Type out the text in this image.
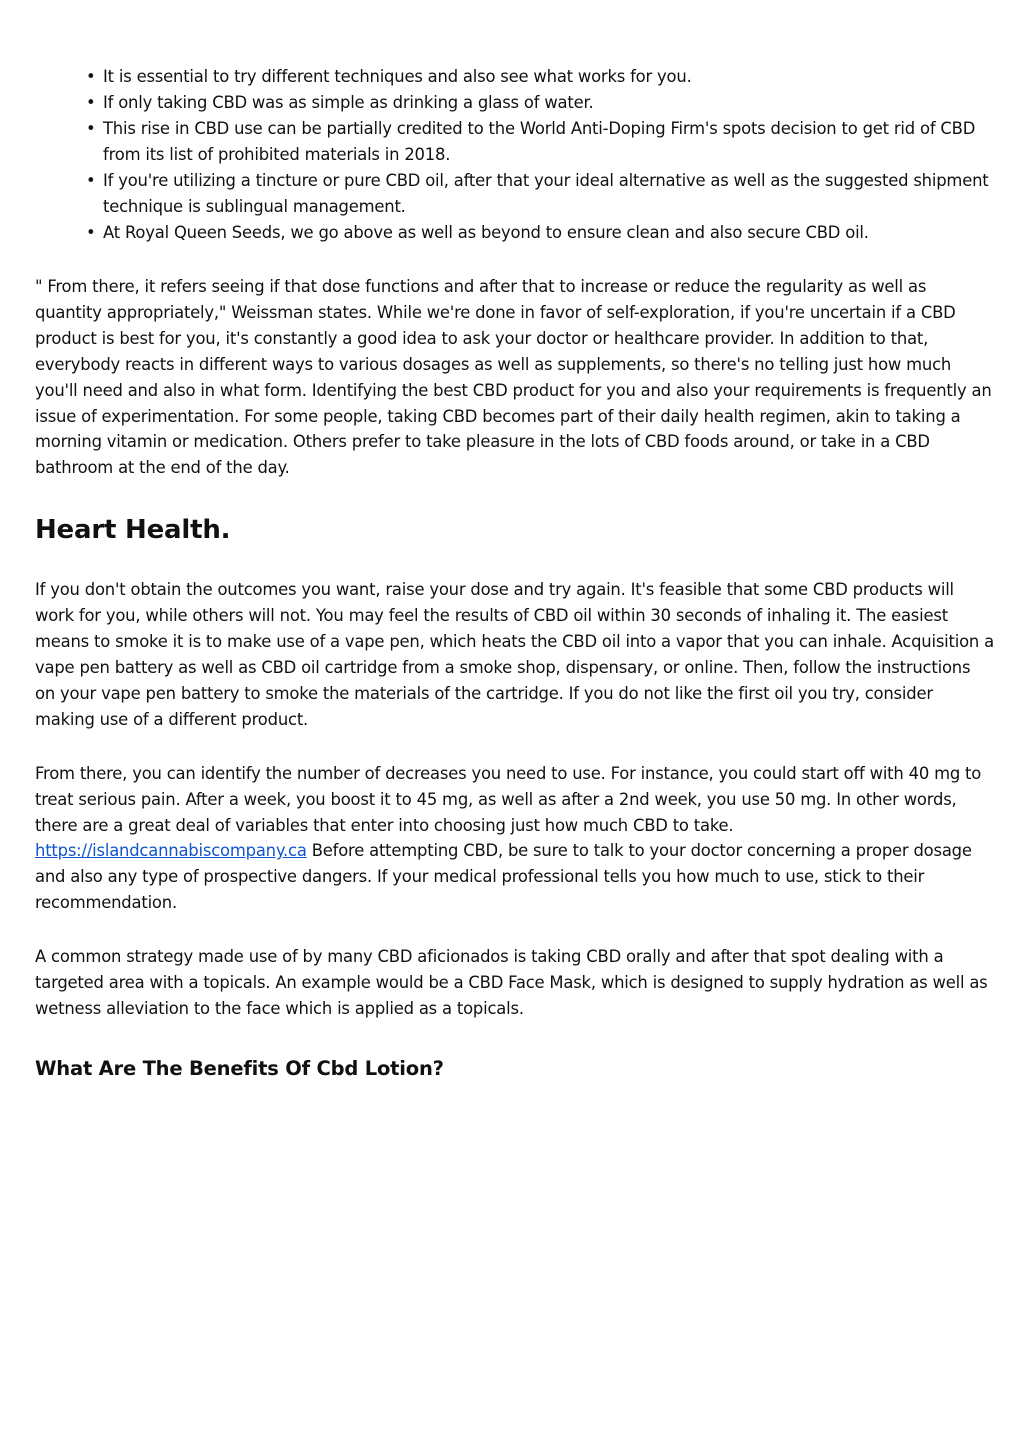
• It is essential to try different techniques and also see what works for you.
• If only taking CBD was as simple as drinking a glass of water.
• This rise in CBD use can be partially credited to the World Anti-Doping Firm's spots decision to get rid of CBD from its list of prohibited materials in 2018.
• If you're utilizing a tincture or pure CBD oil, after that your ideal alternative as well as the suggested shipment technique is sublingual management.
• At Royal Queen Seeds, we go above as well as beyond to ensure clean and also secure CBD oil.

" From there, it refers seeing if that dose functions and after that to increase or reduce the regularity as well as quantity appropriately," Weissman states. While we're done in favor of self-exploration, if you're uncertain if a CBD product is best for you, it's constantly a good idea to ask your doctor or healthcare provider. In addition to that, everybody reacts in different ways to various dosages as well as supplements, so there's no telling just how much you'll need and also in what form. Identifying the best CBD product for you and also your requirements is frequently an issue of experimentation. For some people, taking CBD becomes part of their daily health regimen, akin to taking a morning vitamin or medication. Others prefer to take pleasure in the lots of CBD foods around, or take in a CBD bathroom at the end of the day.

Heart Health.

If you don't obtain the outcomes you want, raise your dose and try again. It's feasible that some CBD products will work for you, while others will not. You may feel the results of CBD oil within 30 seconds of inhaling it. The easiest means to smoke it is to make use of a vape pen, which heats the CBD oil into a vapor that you can inhale. Acquisition a vape pen battery as well as CBD oil cartridge from a smoke shop, dispensary, or online. Then, follow the instructions on your vape pen battery to smoke the materials of the cartridge. If you do not like the first oil you try, consider making use of a different product.

From there, you can identify the number of decreases you need to use. For instance, you could start off with 40 mg to treat serious pain. After a week, you boost it to 45 mg, as well as after a 2nd week, you use 50 mg. In other words, there are a great deal of variables that enter into choosing just how much CBD to take. https://islandcannabiscompany.ca Before attempting CBD, be sure to talk to your doctor concerning a proper dosage and also any type of prospective dangers. If your medical professional tells you how much to use, stick to their recommendation.

A common strategy made use of by many CBD aficionados is taking CBD orally and after that spot dealing with a targeted area with a topicals. An example would be a CBD Face Mask, which is designed to supply hydration as well as wetness alleviation to the face which is applied as a topicals.

What Are The Benefits Of Cbd Lotion?
